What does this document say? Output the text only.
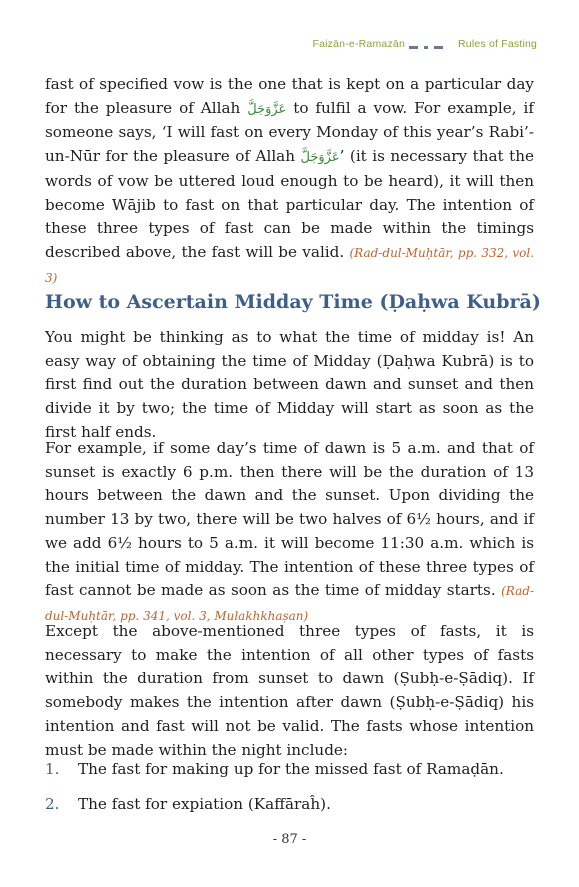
Faizān-e-Ramazān	Rules of Fasting

fast of specified vow is the one that is kept on a particular day for the pleasure of Allah عَزَّوَجَلَّ to fulfil a vow. For example, if someone says, ‘I will fast on every Monday of this year’s Rabi’-un-Nūr for the pleasure of Allah عَزَّوَجَلَّ’ (it is necessary that the words of vow be uttered loud enough to be heard), it will then become Wājib to fast on that particular day. The intention of these three types of fast can be made within the timings described above, the fast will be valid. (Rad-dul-Muḥtār, pp. 332, vol. 3)

How to Ascertain Midday Time (Ḍaḥwa Kubrā)

You might be thinking as to what the time of midday is! An easy way of obtaining the time of Midday (Ḍaḥwa Kubrā) is to first find out the duration between dawn and sunset and then divide it by two; the time of Midday will start as soon as the first half ends.

For example, if some day’s time of dawn is 5 a.m. and that of sunset is exactly 6 p.m. then there will be the duration of 13 hours between the dawn and the sunset. Upon dividing the number 13 by two, there will be two halves of 6½ hours, and if we add 6½ hours to 5 a.m. it will become 11:30 a.m. which is the initial time of midday. The intention of these three types of fast cannot be made as soon as the time of midday starts. (Rad-dul-Muḥtār, pp. 341, vol. 3, Mulakhkhaṣan)

Except the above-mentioned three types of fasts, it is necessary to make the intention of all other types of fasts within the duration from sunset to dawn (Ṣubḥ-e-Ṣādiq). If somebody makes the intention after dawn (Ṣubḥ-e-Ṣādiq) his intention and fast will not be valid. The fasts whose intention must be made within the night include:

1. The fast for making up for the missed fast of Ramaḍān.
2. The fast for expiation (Kaffāraĥ).
- 87 -
